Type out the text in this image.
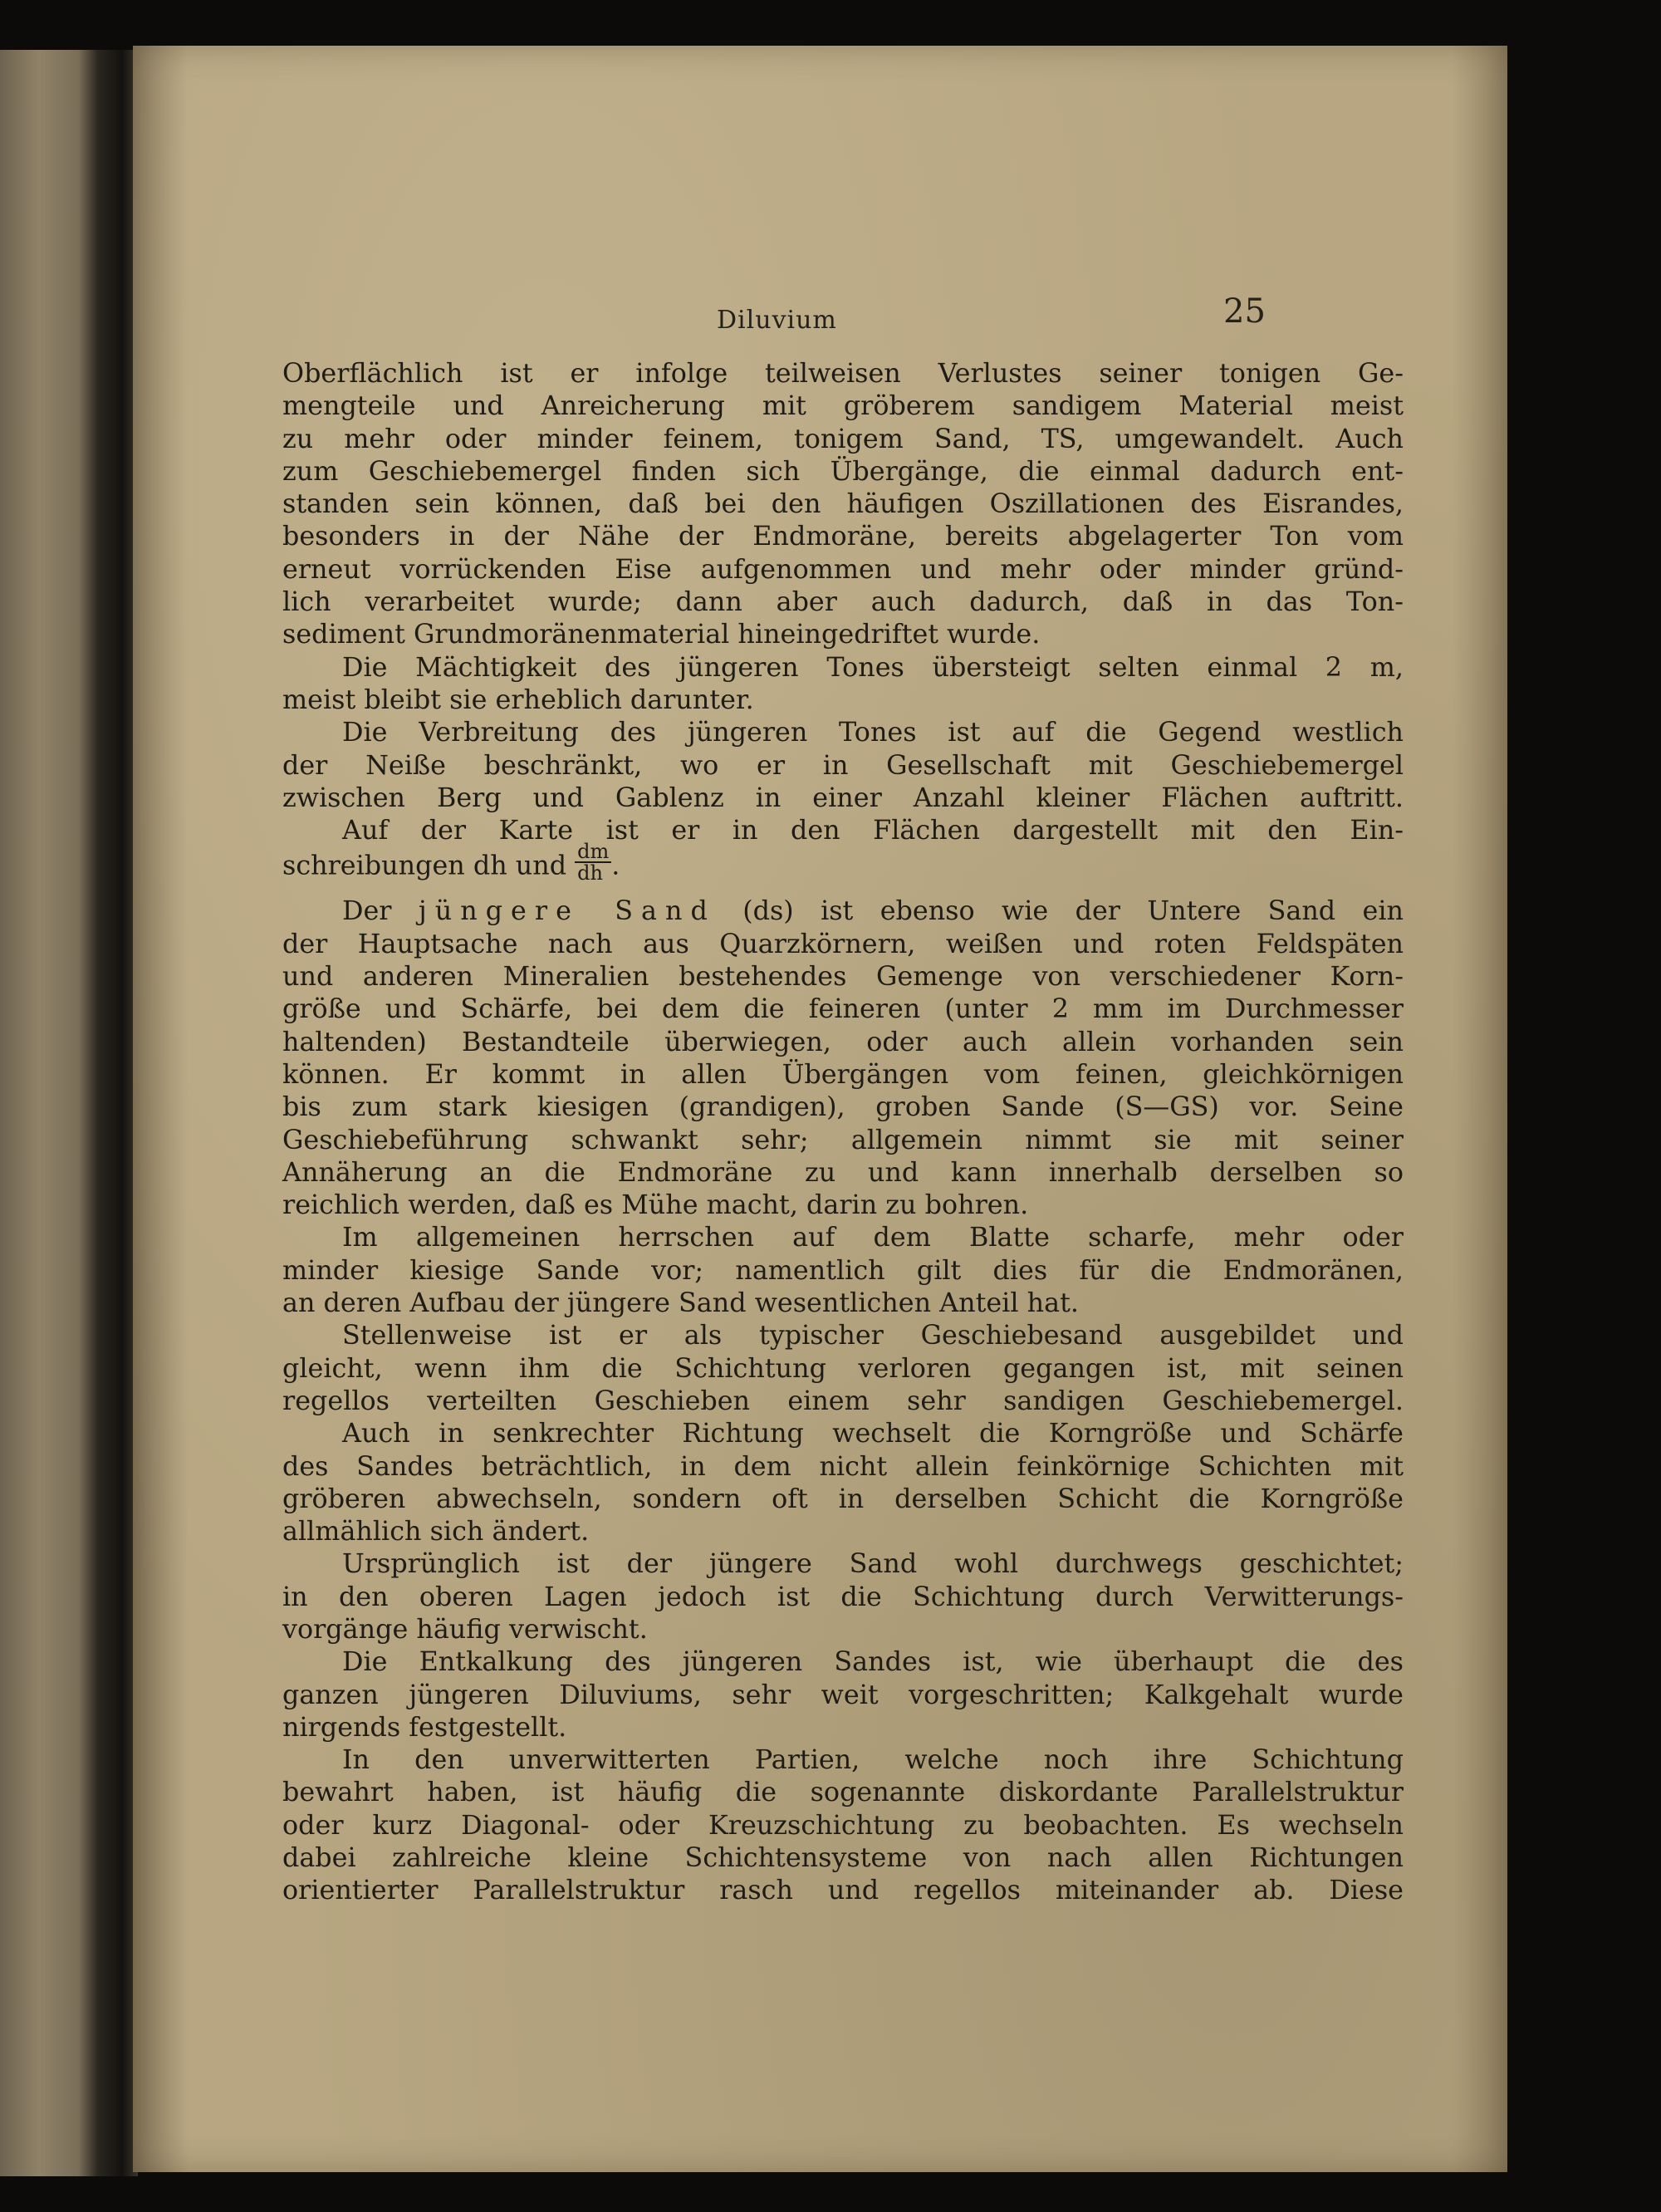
Diluvium	25
Oberflächlich ist er infolge teilweisen Verlustes seiner tonigen Ge-
mengteile und Anreicherung mit gröberem sandigem Material meist
zu mehr oder minder feinem, tonigem Sand, TS, umgewandelt. Auch
zum Geschiebemergel finden sich Übergänge, die einmal dadurch ent-
standen sein können, daß bei den häufigen Oszillationen des Eisrandes,
besonders in der Nähe der Endmoräne, bereits abgelagerter Ton vom
erneut vorrückenden Eise aufgenommen und mehr oder minder gründ-
lich verarbeitet wurde; dann aber auch dadurch, daß in das Ton-
sediment Grundmoränenmaterial hineingedriftet wurde.
Die Mächtigkeit des jüngeren Tones übersteigt selten einmal 2 m,
meist bleibt sie erheblich darunter.
Die Verbreitung des jüngeren Tones ist auf die Gegend westlich
der Neiße beschränkt, wo er in Gesellschaft mit Geschiebemergel
zwischen Berg und Gablenz in einer Anzahl kleiner Flächen auftritt.
Auf der Karte ist er in den Flächen dargestellt mit den Ein-
schreibungen dh und $\frac{dm}{dh}$ .
Der jüngere Sand (ds) ist ebenso wie der Untere Sand ein
der Hauptsache nach aus Quarzkörnern, weißen und roten Feldspäten
und anderen Mineralien bestehendes Gemenge von verschiedener Korn-
größe und Schärfe, bei dem die feineren (unter 2 mm im Durchmesser
haltenden) Bestandteile überwiegen, oder auch allein vorhanden sein
können. Er kommt in allen Übergängen vom feinen, gleichkörnigen
bis zum stark kiesigen (grandigen), groben Sande (S—GS) vor. Seine
Geschiebeführung schwankt sehr; allgemein nimmt sie mit seiner
Annäherung an die Endmoräne zu und kann innerhalb derselben so
reichlich werden, daß es Mühe macht, darin zu bohren.
Im allgemeinen herrschen auf dem Blatte scharfe, mehr oder
minder kiesige Sande vor; namentlich gilt dies für die Endmoränen,
an deren Aufbau der jüngere Sand wesentlichen Anteil hat.
Stellenweise ist er als typischer Geschiebesand ausgebildet und
gleicht, wenn ihm die Schichtung verloren gegangen ist, mit seinen
regellos verteilten Geschieben einem sehr sandigen Geschiebemergel.
Auch in senkrechter Richtung wechselt die Korngröße und Schärfe
des Sandes beträchtlich, in dem nicht allein feinkörnige Schichten mit
gröberen abwechseln, sondern oft in derselben Schicht die Korngröße
allmählich sich ändert.
Ursprünglich ist der jüngere Sand wohl durchwegs geschichtet;
in den oberen Lagen jedoch ist die Schichtung durch Verwitterungs-
vorgänge häufig verwischt.
Die Entkalkung des jüngeren Sandes ist, wie überhaupt die des
ganzen jüngeren Diluviums, sehr weit vorgeschritten; Kalkgehalt wurde
nirgends festgestellt.
In den unverwitterten Partien, welche noch ihre Schichtung
bewahrt haben, ist häufig die sogenannte diskordante Parallelstruktur
oder kurz Diagonal- oder Kreuzschichtung zu beobachten. Es wechseln
dabei zahlreiche kleine Schichtensysteme von nach allen Richtungen
orientierter Parallelstruktur rasch und regellos miteinander ab. Diese
